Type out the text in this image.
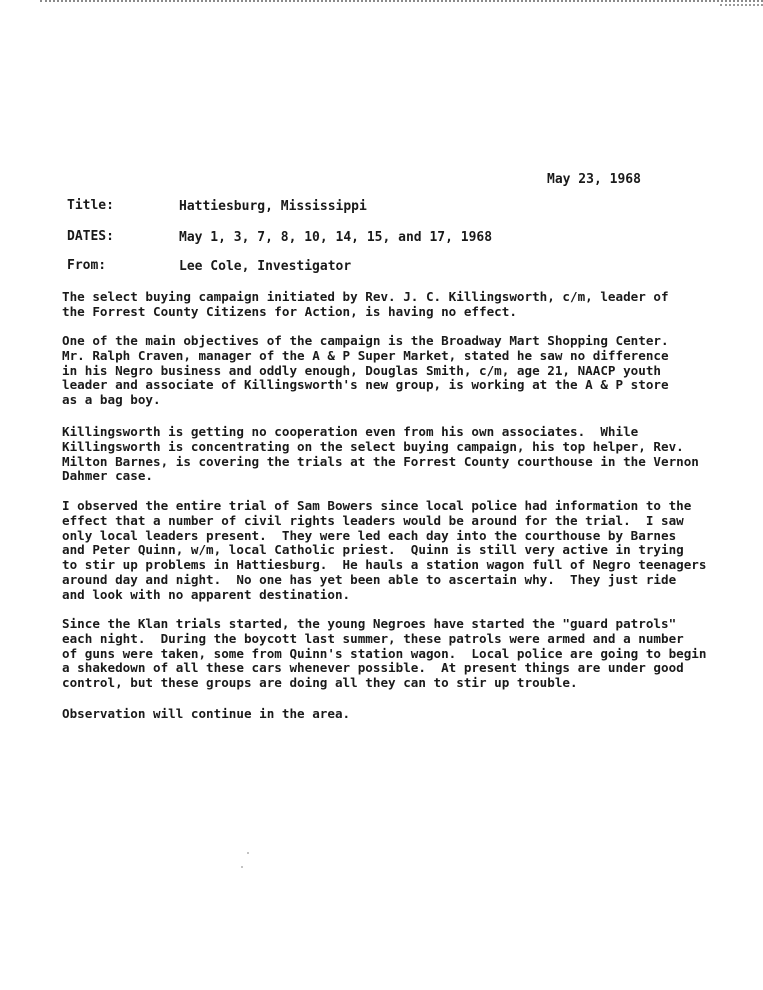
May 23, 1968
Title:	Hattiesburg, Mississippi
DATES:	May 1, 3, 7, 8, 10, 14, 15, and 17, 1968
From:	Lee Cole, Investigator
The select buying campaign initiated by Rev. J. C. Killingsworth, c/m, leader of
the Forrest County Citizens for Action, is having no effect.
One of the main objectives of the campaign is the Broadway Mart Shopping Center.
Mr. Ralph Craven, manager of the A & P Super Market, stated he saw no difference
in his Negro business and oddly enough, Douglas Smith, c/m, age 21, NAACP youth
leader and associate of Killingsworth's new group, is working at the A & P store
as a bag boy.
Killingsworth is getting no cooperation even from his own associates.  While
Killingsworth is concentrating on the select buying campaign, his top helper, Rev.
Milton Barnes, is covering the trials at the Forrest County courthouse in the Vernon
Dahmer case.
I observed the entire trial of Sam Bowers since local police had information to the
effect that a number of civil rights leaders would be around for the trial.  I saw
only local leaders present.  They were led each day into the courthouse by Barnes
and Peter Quinn, w/m, local Catholic priest.  Quinn is still very active in trying
to stir up problems in Hattiesburg.  He hauls a station wagon full of Negro teenagers
around day and night.  No one has yet been able to ascertain why.  They just ride
and look with no apparent destination.
Since the Klan trials started, the young Negroes have started the "guard patrols"
each night.  During the boycott last summer, these patrols were armed and a number
of guns were taken, some from Quinn's station wagon.  Local police are going to begin
a shakedown of all these cars whenever possible.  At present things are under good
control, but these groups are doing all they can to stir up trouble.
Observation will continue in the area.
